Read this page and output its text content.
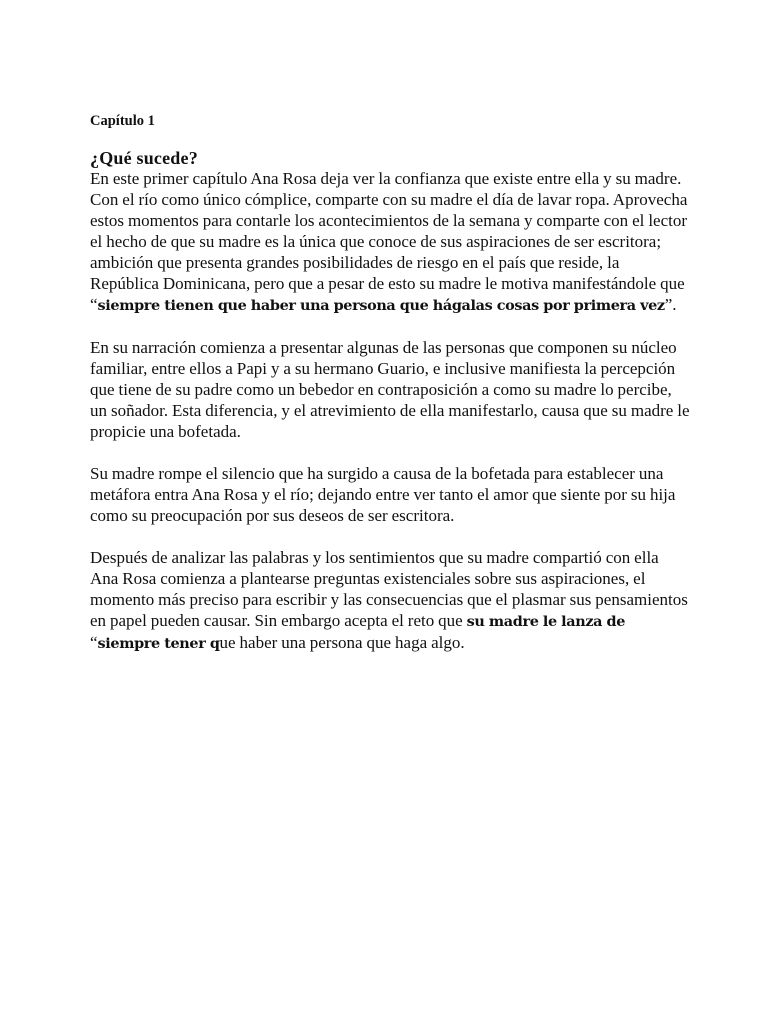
Capítulo 1
¿Qué sucede?

En este primer capítulo Ana Rosa deja ver la confianza que existe entre ella y su madre. Con el río como único cómplice, comparte con su madre el día de lavar ropa. Aprovecha estos momentos para contarle los acontecimientos de la semana y comparte con el lector el hecho de que su madre es la única que conoce de sus aspiraciones de ser escritora; ambición que presenta grandes posibilidades de riesgo en el país que reside, la República Dominicana, pero que a pesar de esto su madre le motiva manifestándole que “siempre tienen que haber una persona que hágalas cosas por primera vez”.

En su narración comienza a presentar algunas de las personas que componen su núcleo familiar, entre ellos a Papi y a su hermano Guario, e inclusive manifiesta la percepción que tiene de su padre como un bebedor en contraposición a como su madre lo percibe, un soñador. Esta diferencia, y el atrevimiento de ella manifestarlo, causa que su madre le propicie una bofetada.

Su madre rompe el silencio que ha surgido a causa de la bofetada para establecer una metáfora entra Ana Rosa y el río; dejando entre ver tanto el amor que siente por su hija como su preocupación por sus deseos de ser escritora.

Después de analizar las palabras y los sentimientos que su madre compartió con ella Ana Rosa comienza a plantearse preguntas existenciales sobre sus aspiraciones, el momento más preciso para escribir y las consecuencias que el plasmar sus pensamientos en papel pueden causar. Sin embargo acepta el reto que su madre le lanza de “siempre tener que haber una persona que haga algo.
